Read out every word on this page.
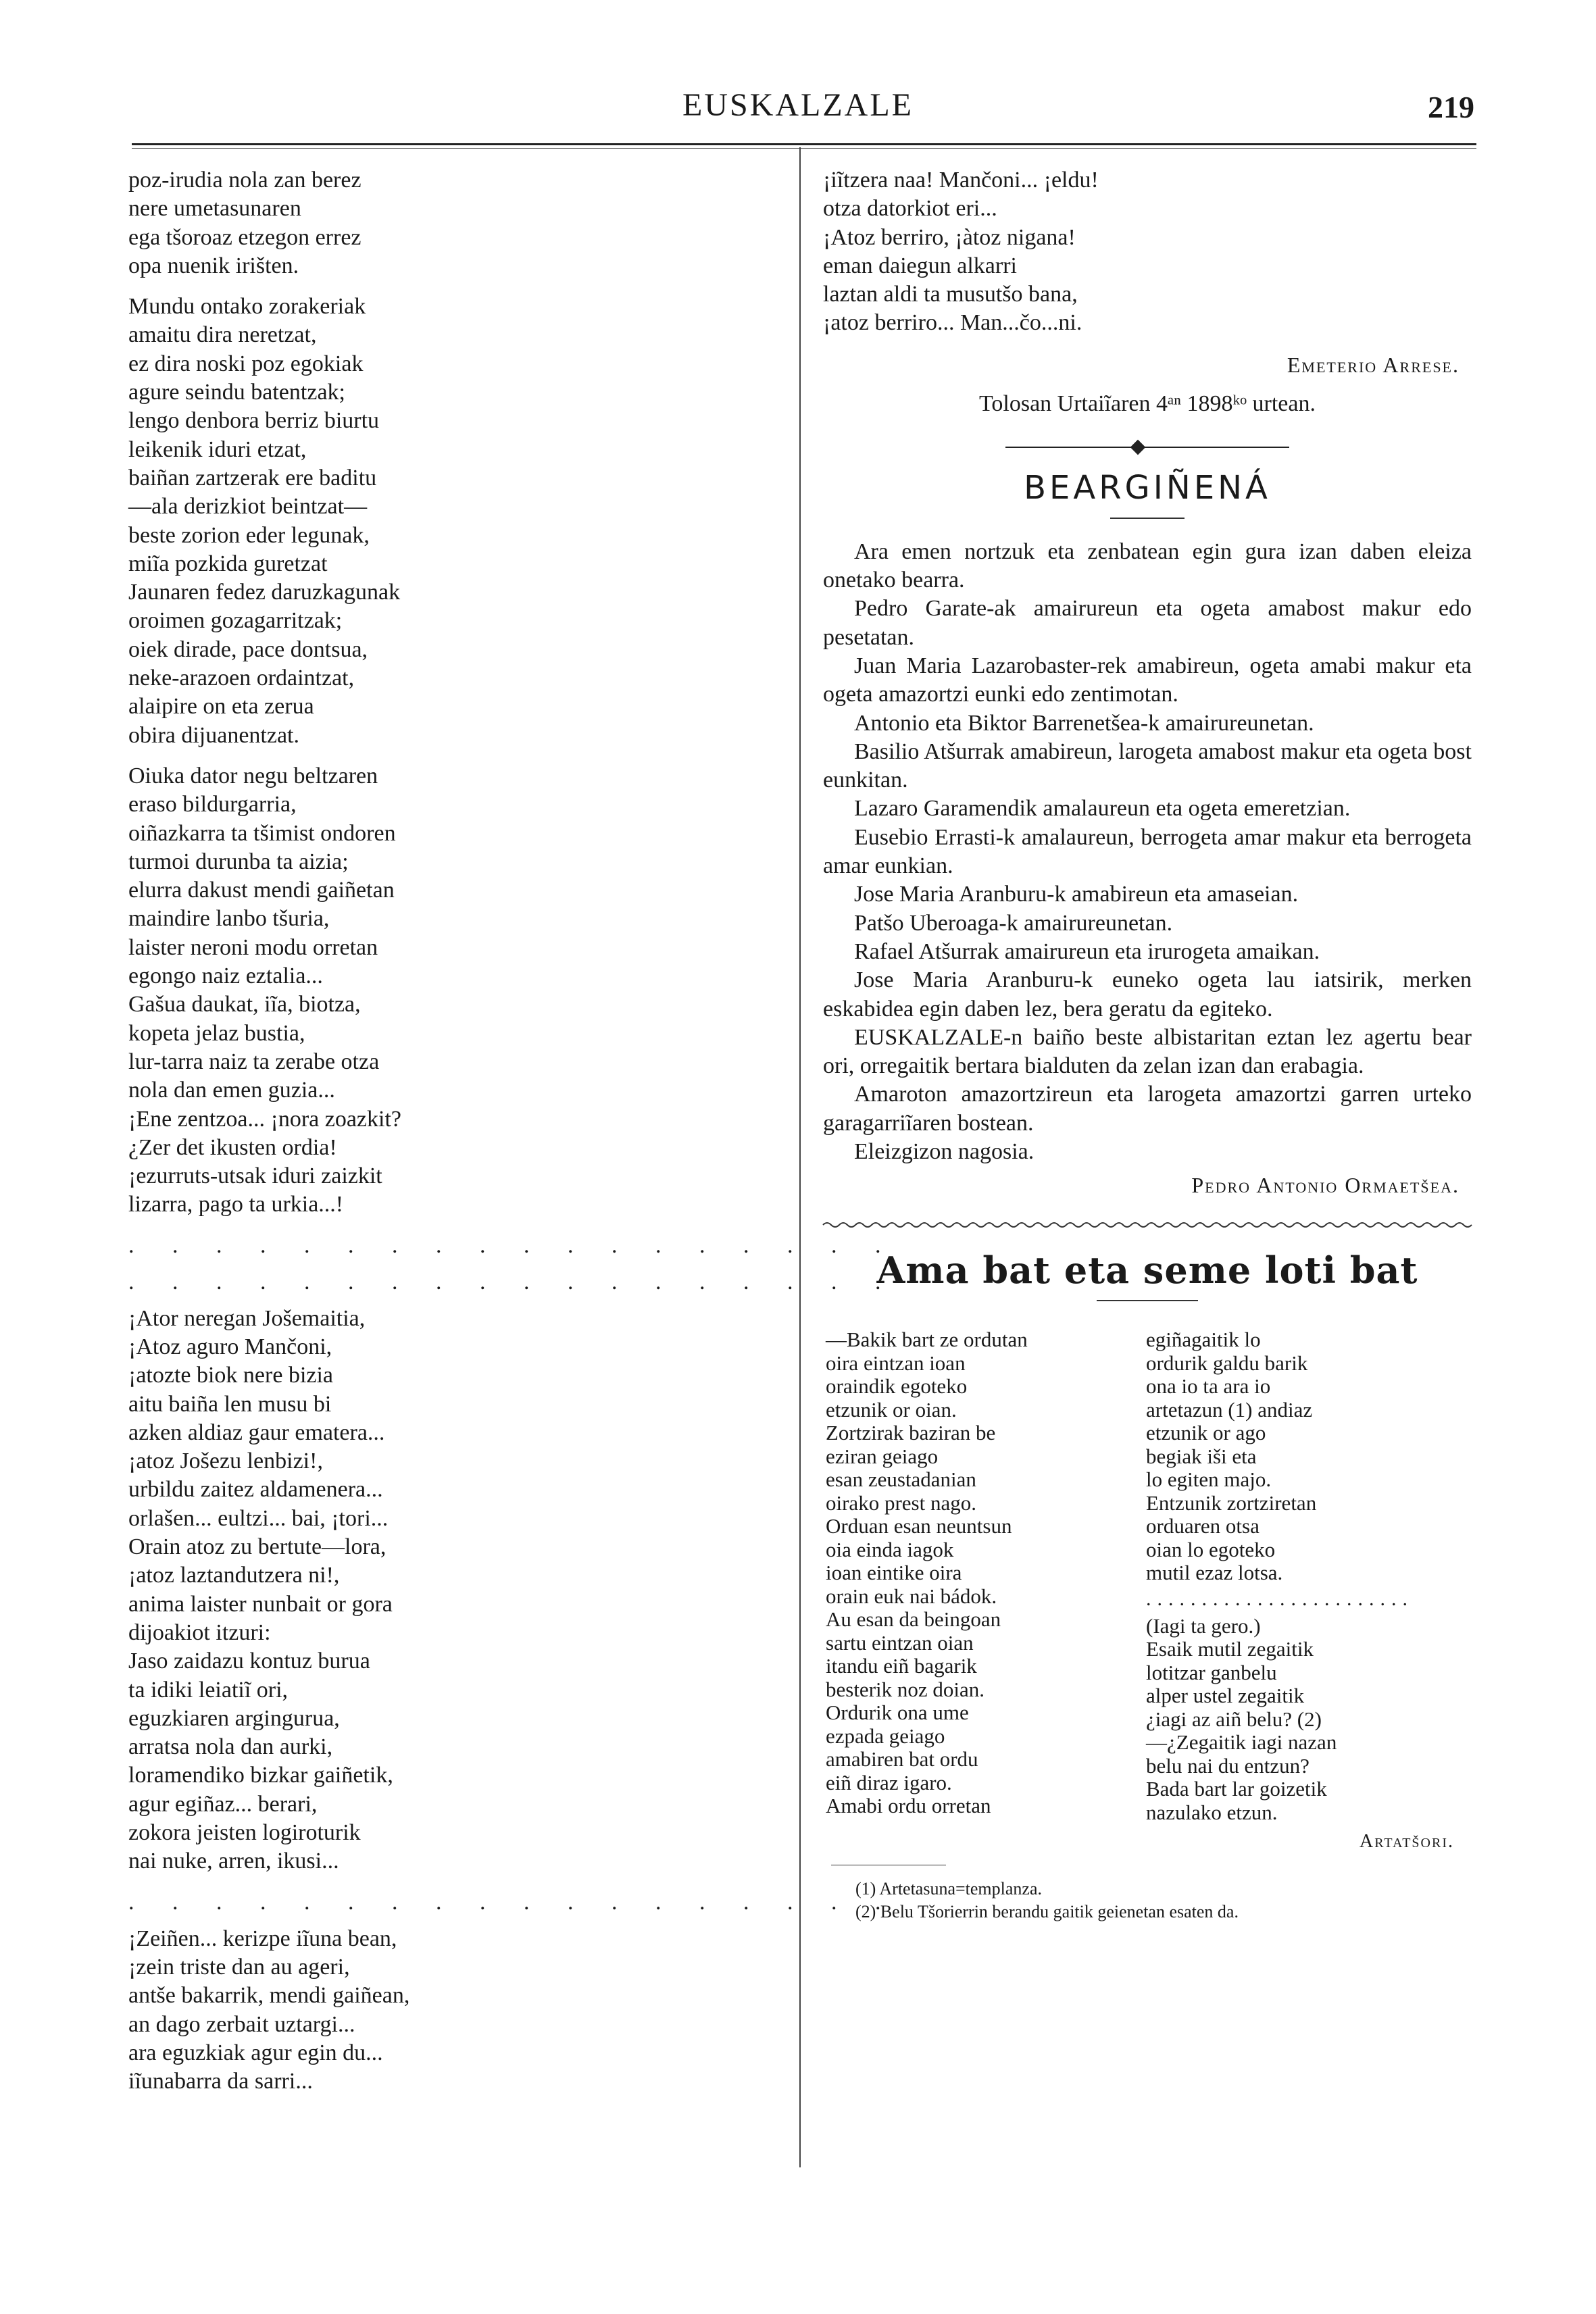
EUSKALZALE	219
poz-irudia nola zan berez
nere umetasunaren
ega tšoroaz etzegon errez
opa nuenik irišten.
Mundu ontako zorakeriak
amaitu dira neretzat,
ez dira noski poz egokiak
agure seindu batentzak;
lengo denbora berriz biurtu
leikenik iduri etzat,
baiñan zartzerak ere baditu
—ala derizkiot beintzat—
beste zorion eder legunak,
miĩa pozkida guretzat
Jaunaren fedez daruzkagunak
oroimen gozagarritzak;
oiek dirade, pace dontsua,
neke-arazoen ordaintzat,
alaipire on eta zerua
obira dijuanentzat.
Oiuka dator negu beltzaren
eraso bildurgarria,
oiñazkarra ta tšimist ondoren
turmoi durunba ta aizia;
elurra dakust mendi gaiñetan
maindire lanbo tšuria,
laister neroni modu orretan
egongo naiz eztalia...
Gašua daukat, iĩa, biotza,
kopeta jelaz bustia,
lur-tarra naiz ta zerabe otza
nola dan emen guzia...
¡Ene zentzoa... ¡nora zoazkit?
¿Zer det ikusten ordia!
¡ezurruts-utsak iduri zaizkit
lizarra, pago ta urkia...!
. . . . . . . . . . . . . . . . . .
. . . . . . . . . . . . . . . . . .
¡Ator neregan Jošemaitia,
¡Atoz aguro Mančoni,
¡atozte biok nere bizia
aitu baiña len musu bi
azken aldiaz gaur ematera...
¡atoz Jošezu lenbizi!,
urbildu zaitez aldamenera...
orlašen... eultzi... bai, ¡tori...
Orain atoz zu bertute—lora,
¡atoz laztandutzera ni!,
anima laister nunbait or gora
dijoakiot itzuri:
Jaso zaidazu kontuz burua
ta idiki leiatiĩ ori,
eguzkiaren argingurua,
arratsa nola dan aurki,
loramendiko bizkar gaiñetik,
agur egiñaz... berari,
zokora jeisten logiroturik
nai nuke, arren, ikusi...
. . . . . . . . . . . . . . . . . .
¡Zeiñen... kerizpe iĩuna bean,
¡zein triste dan au ageri,
antše bakarrik, mendi gaiñean,
an dago zerbait uztargi...
ara eguzkiak agur egin du...
iĩunabarra da sarri...
¡iĩtzera naa! Mančoni... ¡eldu!
otza datorkiot eri...
¡Atoz berriro, ¡àtoz nigana!
eman daiegun alkarri
laztan aldi ta musutšo bana,
¡atoz berriro... Man...čo...ni.
Emeterio Arrese.
Tolosan Urtaiĩaren 4ᵃⁿ 1898ᵏᵒ urtean.
BEARGIÑENÁ

Ara emen nortzuk eta zenbatean egin gura izan daben eleiza onetako bearra.

Pedro Garate-ak amairureun eta ogeta amabost makur edo pesetatan.

Juan Maria Lazarobaster-rek amabireun, ogeta amabi makur eta ogeta amazortzi eunki edo zentimotan.

Antonio eta Biktor Barrenetšea-k amairureunetan.

Basilio Atšurrak amabireun, larogeta amabost makur eta ogeta bost eunkitan.

Lazaro Garamendik amalaureun eta ogeta emeretzian.

Eusebio Errasti-k amalaureun, berrogeta amar makur eta berrogeta amar eunkian.

Jose Maria Aranburu-k amabireun eta amaseian.

Patšo Uberoaga-k amairureunetan.

Rafael Atšurrak amairureun eta irurogeta amaikan.

Jose Maria Aranburu-k euneko ogeta lau iatsirik, merken eskabidea egin daben lez, bera geratu da egiteko.

EUSKALZALE-n baiño beste albistaritan eztan lez agertu bear ori, orregaitik bertara bialduten da zelan izan dan erabagia.

Amaroton amazortzireun eta larogeta amazortzi garren urteko garagarriĩaren bostean.

Eleizgizon nagosia.

Pedro Antonio Ormaetšea.
Ama bat eta seme loti bat
—Bakik bart ze ordutan
oira eintzan ioan
oraindik egoteko
etzunik or oian.
Zortzirak baziran be
eziran geiago
esan zeustadanian
oirako prest nago.
Orduan esan neuntsun
oia einda iagok
ioan eintike oira
orain euk nai bádok.
Au esan da beingoan
sartu eintzan oian
itandu eiñ bagarik
besterik noz doian.
Ordurik ona ume
ezpada geiago
amabiren bat ordu
eiñ diraz igaro.
Amabi ordu orretan
egiñagaitik lo
ordurik galdu barik
ona io ta ara io
artetazun (1) andiaz
etzunik or ago
begiak iši eta
lo egiten majo.
Entzunik zortziretan
orduaren otsa
oian lo egoteko
mutil ezaz lotsa.
........................
(Iagi ta gero.)
Esaik mutil zegaitik
lotitzar ganbelu
alper ustel zegaitik
¿iagi az aiñ belu? (2)
—¿Zegaitik iagi nazan
belu nai du entzun?
Bada bart lar goizetik
nazulako etzun.
Artatšori.
(1) Artetasuna=templanza.
(2) Belu Tšorierrin berandu gaitik geienetan esaten da.
